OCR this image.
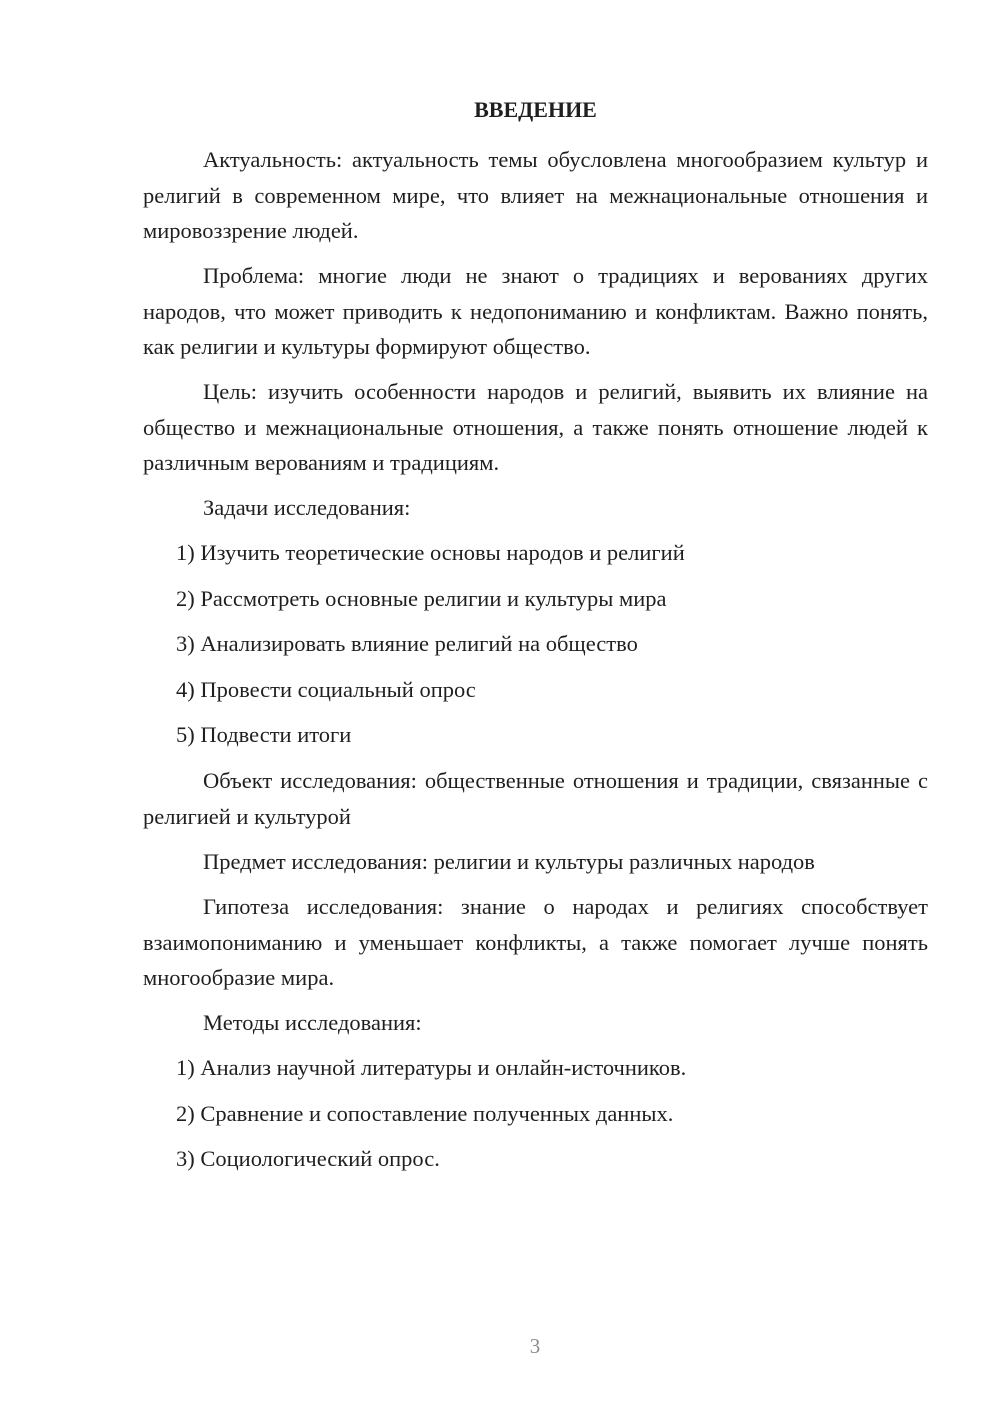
ВВЕДЕНИЕ

Актуальность: актуальность темы обусловлена многообразием культур и религий в современном мире, что влияет на межнациональные отношения и мировоззрение людей.

Проблема: многие люди не знают о традициях и верованиях других народов, что может приводить к недопониманию и конфликтам. Важно понять, как религии и культуры формируют общество.

Цель: изучить особенности народов и религий, выявить их влияние на общество и межнациональные отношения, а также понять отношение людей к различным верованиям и традициям.

Задачи исследования:

1) Изучить теоретические основы народов и религий
2) Рассмотреть основные религии и культуры мира
3) Анализировать влияние религий на общество
4) Провести социальный опрос
5) Подвести итоги

Объект исследования: общественные отношения и традиции, связанные с религией и культурой

Предмет исследования: религии и культуры различных народов

Гипотеза исследования: знание о народах и религиях способствует взаимопониманию и уменьшает конфликты, а также помогает лучше понять многообразие мира.

Методы исследования:

1) Анализ научной литературы и онлайн-источников.
2) Сравнение и сопоставление полученных данных.
3) Социологический опрос.
3
